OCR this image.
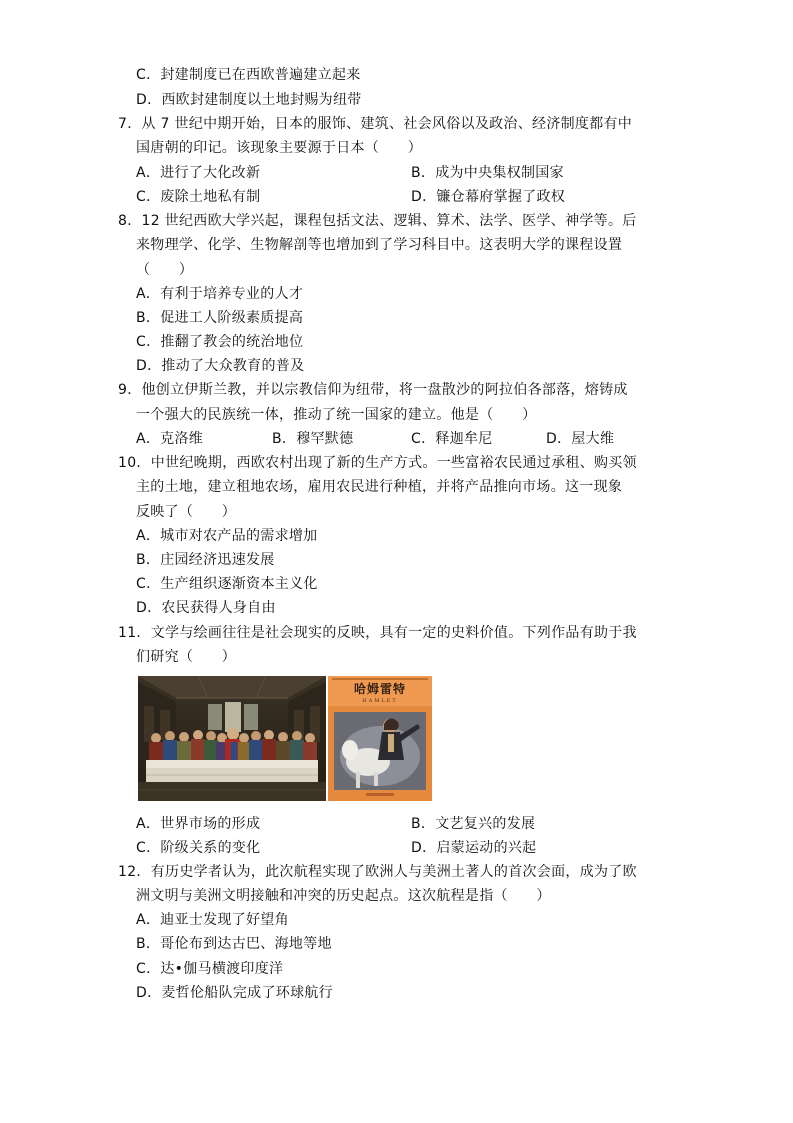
C．封建制度已在西欧普遍建立起来
D．西欧封建制度以土地封赐为纽带
7．从 7 世纪中期开始，日本的服饰、建筑、社会风俗以及政治、经济制度都有中
国唐朝的印记。该现象主要源于日本（　　）
A．进行了大化改新	B．成为中央集权制国家
C．废除土地私有制	D．镰仓幕府掌握了政权
8．12 世纪西欧大学兴起，课程包括文法、逻辑、算术、法学、医学、神学等。后
来物理学、化学、生物解剖等也增加到了学习科目中。这表明大学的课程设置
（　　）
A．有利于培养专业的人才
B．促进工人阶级素质提高
C．推翻了教会的统治地位
D．推动了大众教育的普及
9．他创立伊斯兰教，并以宗教信仰为纽带，将一盘散沙的阿拉伯各部落，熔铸成
一个强大的民族统一体，推动了统一国家的建立。他是（　　）
A．克洛维	B．穆罕默德	C．释迦牟尼	D．屋大维
10．中世纪晚期，西欧农村出现了新的生产方式。一些富裕农民通过承租、购买领
主的土地，建立租地农场，雇用农民进行种植，并将产品推向市场。这一现象
反映了（　　）
A．城市对农产品的需求增加
B．庄园经济迅速发展
C．生产组织逐渐资本主义化
D．农民获得人身自由
11．文学与绘画往往是社会现实的反映，具有一定的史料价值。下列作品有助于我
们研究（　　）
哈姆雷特
HAMLET
A．世界市场的形成	B．文艺复兴的发展
C．阶级关系的变化	D．启蒙运动的兴起
12．有历史学者认为，此次航程实现了欧洲人与美洲土著人的首次会面，成为了欧
洲文明与美洲文明接触和冲突的历史起点。这次航程是指（　　）
A．迪亚士发现了好望角
B．哥伦布到达古巴、海地等地
C．达•伽马横渡印度洋
D．麦哲伦船队完成了环球航行
